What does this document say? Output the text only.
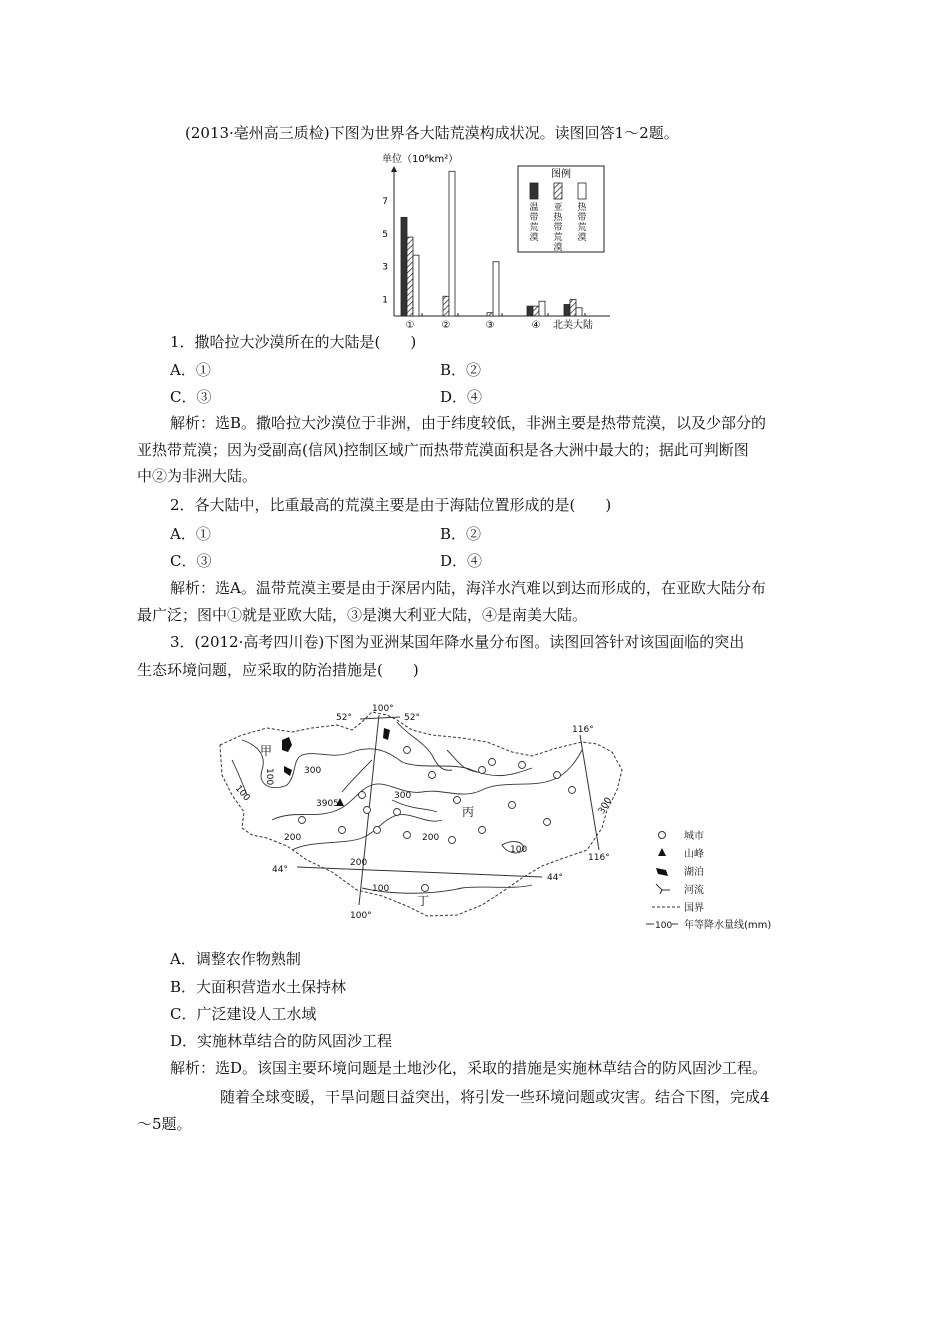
(2013·亳州高三质检)下图为世界各大陆荒漠构成状况。读图回答1～2题。
单位（10⁶km²）
1
3
5
7
①	②	③	④ 北美大陆
图例
温带荒漠
亚热带荒漠
热带荒漠
1．撒哈拉大沙漠所在的大陆是(　　)
A．①	B．②
C．③	D．④
解析：选B。撒哈拉大沙漠位于非洲，由于纬度较低，非洲主要是热带荒漠，以及少部分的
亚热带荒漠；因为受副高(信风)控制区域广而热带荒漠面积是各大洲中最大的；据此可判断图
中②为非洲大陆。
2．各大陆中，比重最高的荒漠主要是由于海陆位置形成的是(　　)
A．①	B．②
C．③	D．④
解析：选A。温带荒漠主要是由于深居内陆，海洋水汽难以到达而形成的，在亚欧大陆分布
最广泛；图中①就是亚欧大陆，③是澳大利亚大陆，④是南美大陆。
3．(2012·高考四川卷)下图为亚洲某国年降水量分布图。读图回答针对该国面临的突出
生态环境问题，应采取的防治措施是(　　)
52°
100°
52°
116°
甲
丙
丁
3905
44°
44°
100°
116°
100
100
300
300	300
200	200
200
100
100
城市
山峰
湖泊
河流
国界
100 年等降水量线(mm)
A．调整农作物熟制
B．大面积营造水土保持林
C．广泛建设人工水域
D．实施林草结合的防风固沙工程
解析：选D。该国主要环境问题是土地沙化，采取的措施是实施林草结合的防风固沙工程。
随着全球变暖，干旱问题日益突出，将引发一些环境问题或灾害。结合下图，完成4
～5题。
